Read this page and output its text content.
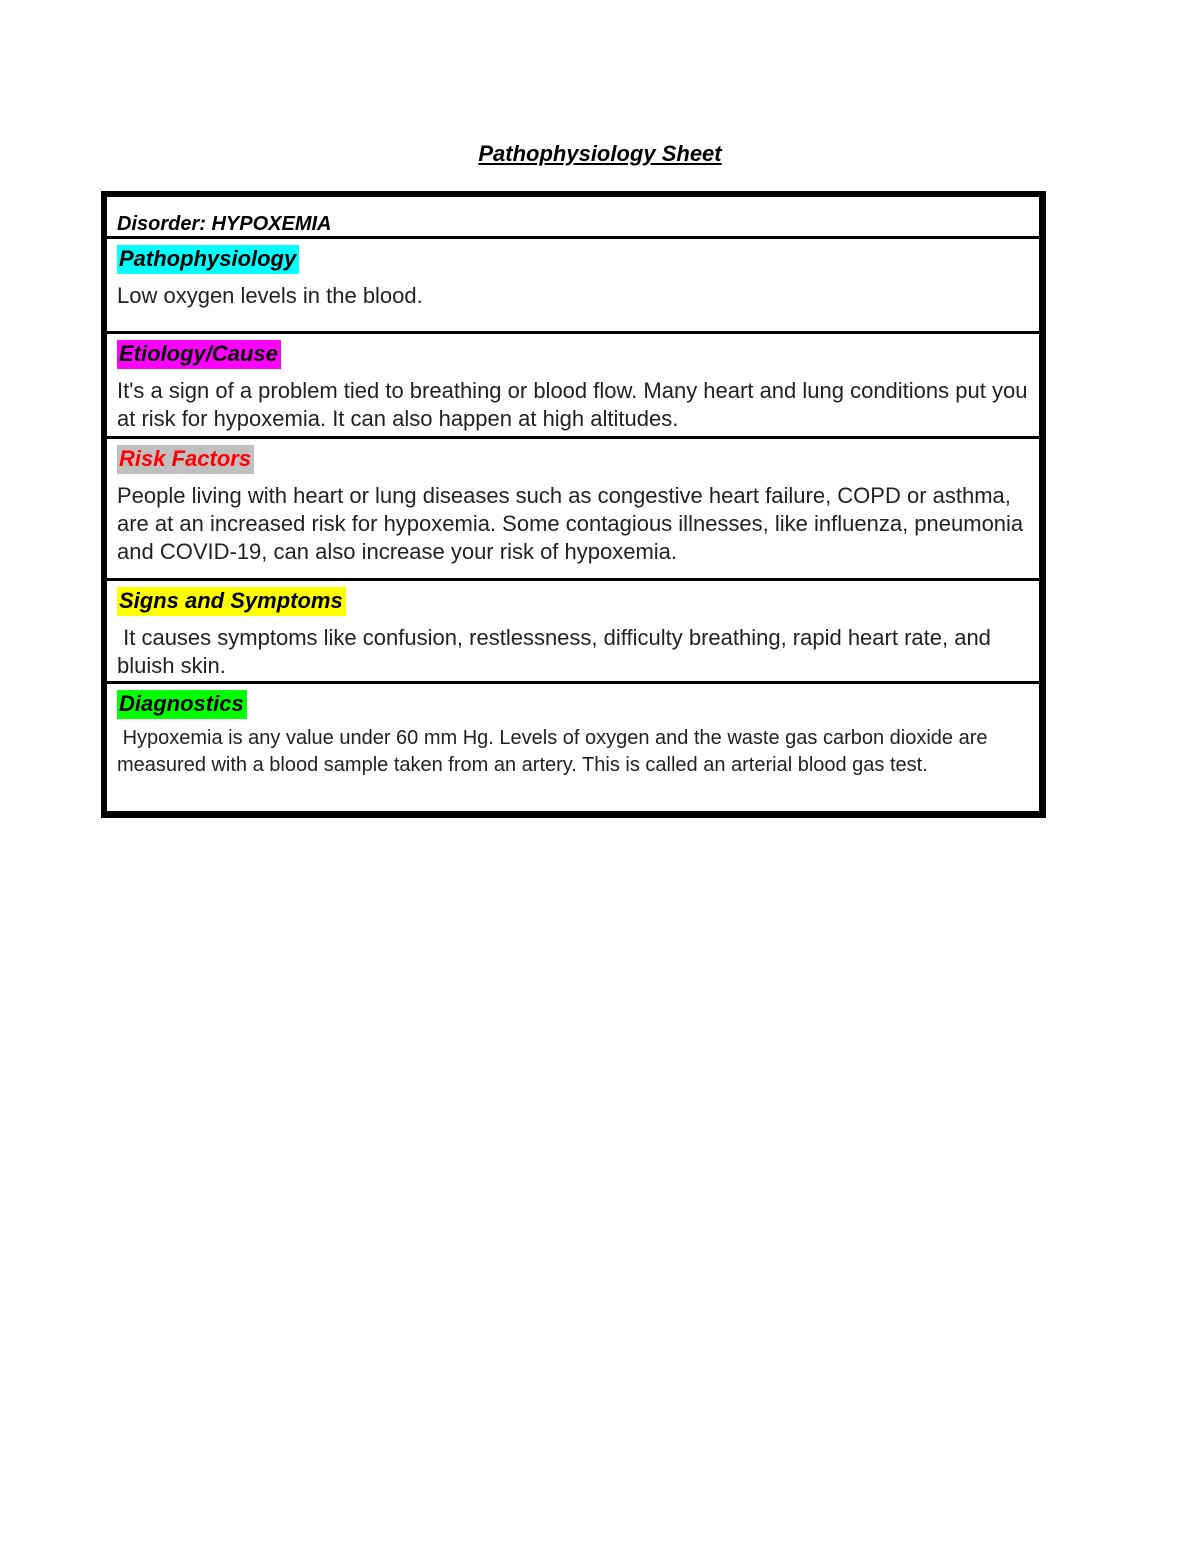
Pathophysiology Sheet
Disorder: HYPOXEMIA
Pathophysiology
Low oxygen levels in the blood.
Etiology/Cause
It's a sign of a problem tied to breathing or blood flow. Many heart and lung conditions put you at risk for hypoxemia. It can also happen at high altitudes.
Risk Factors
People living with heart or lung diseases such as congestive heart failure, COPD or asthma, are at an increased risk for hypoxemia. Some contagious illnesses, like influenza, pneumonia and COVID-19, can also increase your risk of hypoxemia.
Signs and Symptoms
It causes symptoms like confusion, restlessness, difficulty breathing, rapid heart rate, and bluish skin.
Diagnostics
Hypoxemia is any value under 60 mm Hg. Levels of oxygen and the waste gas carbon dioxide are measured with a blood sample taken from an artery. This is called an arterial blood gas test.
